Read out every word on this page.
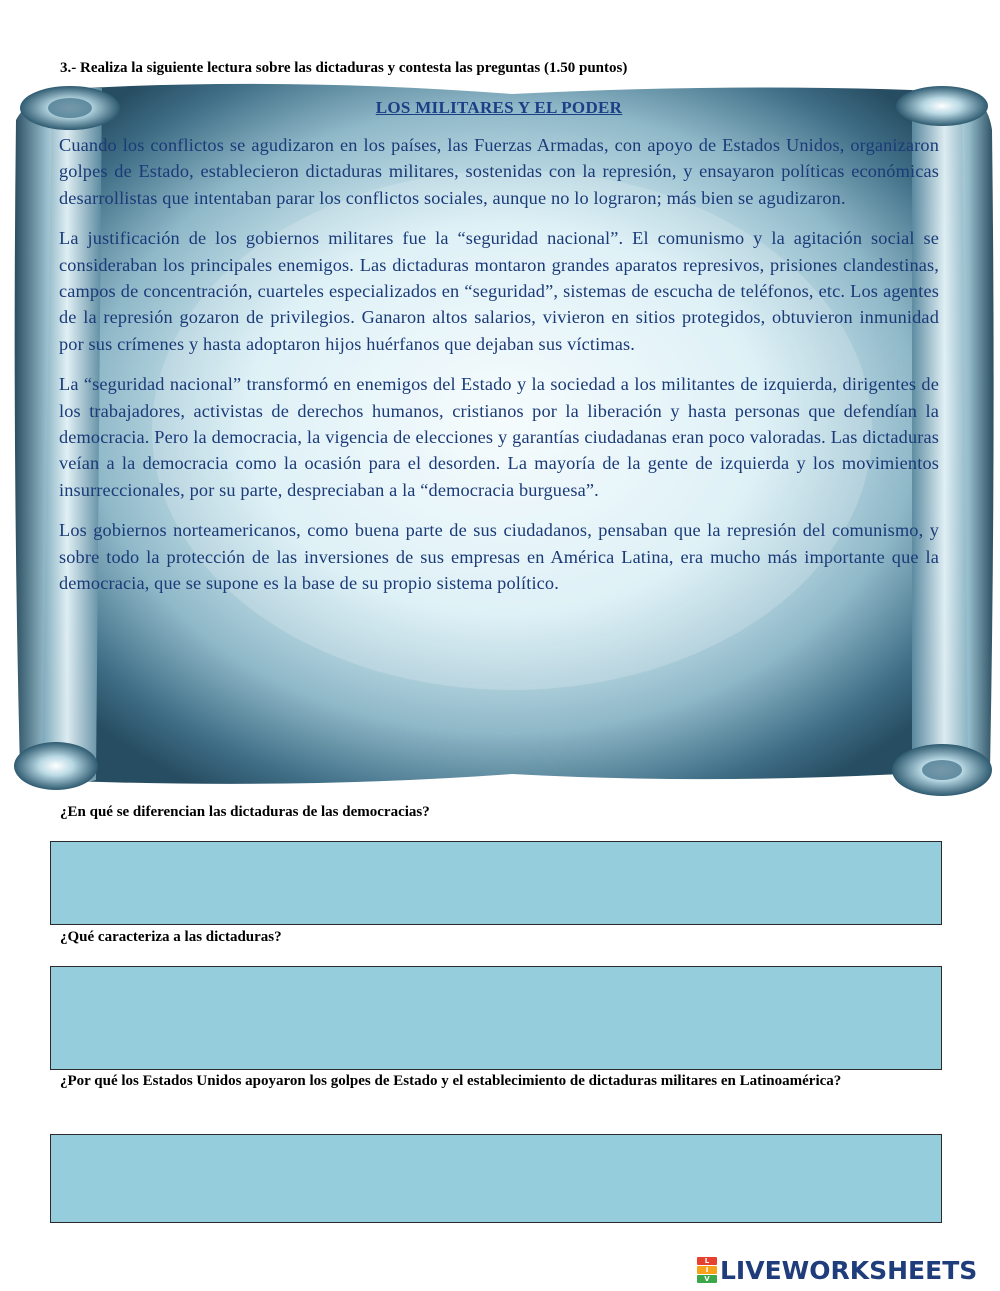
3.- Realiza la siguiente lectura sobre las dictaduras y contesta las preguntas (1.50 puntos)
LOS MILITARES Y EL PODER

Cuando los conflictos se agudizaron en los países, las Fuerzas Armadas, con apoyo de Estados Unidos, organizaron golpes de Estado, establecieron dictaduras militares, sostenidas con la represión, y ensayaron políticas económicas desarrollistas que intentaban parar los conflictos sociales, aunque no lo lograron; más bien se agudizaron.

La justificación de los gobiernos militares fue la “seguridad nacional”. El comunismo y la agitación social se consideraban los principales enemigos. Las dictaduras montaron grandes aparatos represivos, prisiones clandestinas, campos de concentración, cuarteles especializados en “seguridad”, sistemas de escucha de teléfonos, etc. Los agentes de la represión gozaron de privilegios. Ganaron altos salarios, vivieron en sitios protegidos, obtuvieron inmunidad por sus crímenes y hasta adoptaron hijos huérfanos que dejaban sus víctimas.

La “seguridad nacional” transformó en enemigos del Estado y la sociedad a los militantes de izquierda, dirigentes de los trabajadores, activistas de derechos humanos, cristianos por la liberación y hasta personas que defendían la democracia. Pero la democracia, la vigencia de elecciones y garantías ciudadanas eran poco valoradas. Las dictaduras veían a la democracia como la ocasión para el desorden. La mayoría de la gente de izquierda y los movimientos insurreccionales, por su parte, despreciaban a la “democracia burguesa”.

Los gobiernos norteamericanos, como buena parte de sus ciudadanos, pensaban que la represión del comunismo, y sobre todo la protección de las inversiones de sus empresas en América Latina, era mucho más importante que la democracia, que se supone es la base de su propio sistema político.

¿En qué se diferencian las dictaduras de las democracias?
¿Qué caracteriza a las dictaduras?
¿Por qué los Estados Unidos apoyaron los golpes de Estado y el establecimiento de dictaduras militares en Latinoamérica?
L
I
V LIVEWORKSHEETS
